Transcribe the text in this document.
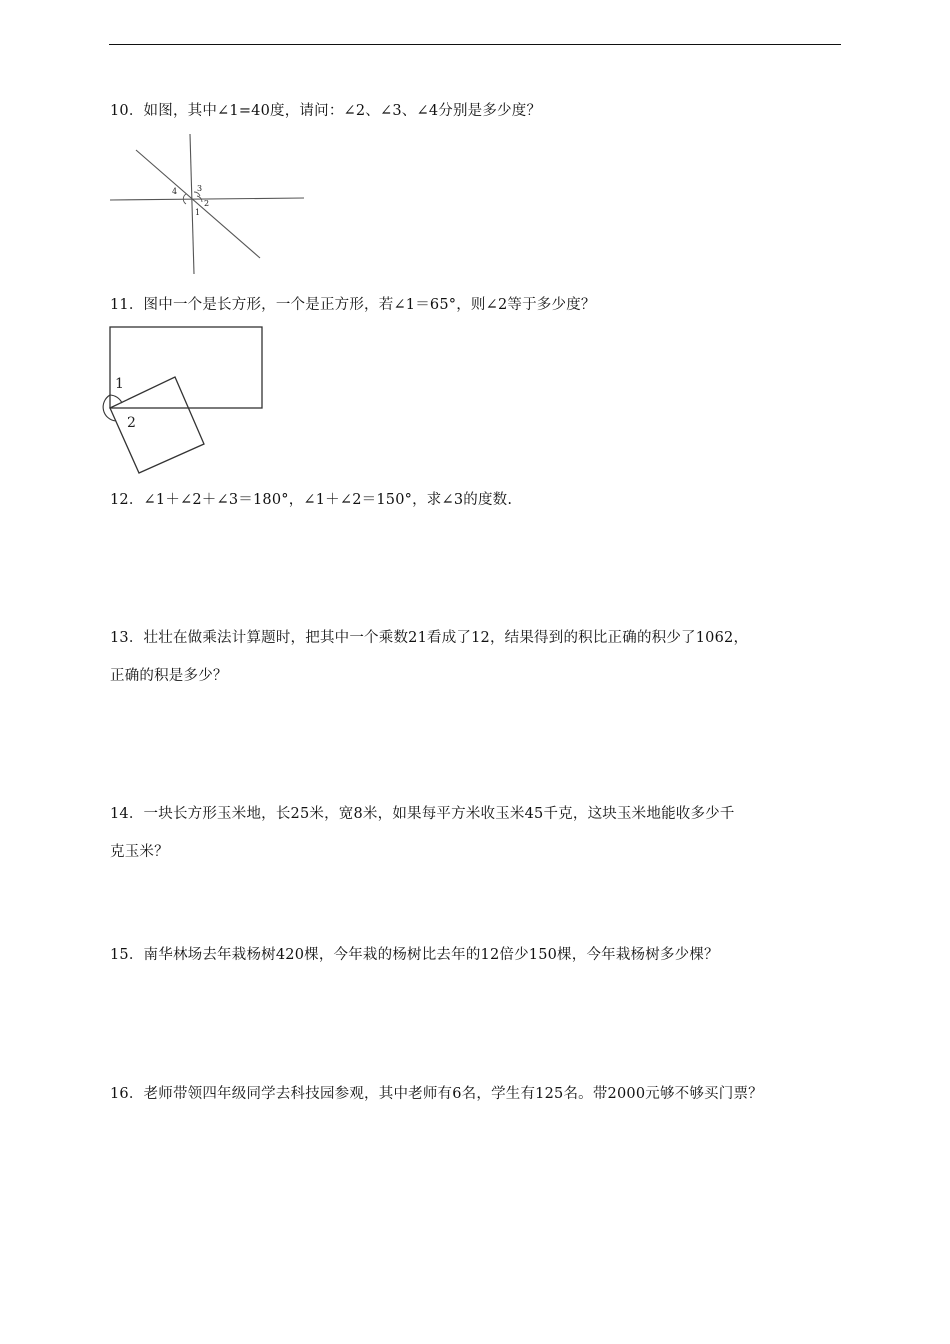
10．如图，其中∠1=40度，请问：∠2、∠3、∠4分别是多少度？
4 3
2
1
11．图中一个是长方形，一个是正方形，若∠1＝65°，则∠2等于多少度？
1
2
12．∠1＋∠2＋∠3＝180°，∠1＋∠2＝150°，求∠3的度数.
13．壮壮在做乘法计算题时，把其中一个乘数21看成了12，结果得到的积比正确的积少了1062，
正确的积是多少？
14．一块长方形玉米地，长25米，宽8米，如果每平方米收玉米45千克，这块玉米地能收多少千
克玉米？
15．南华林场去年栽杨树420棵，今年栽的杨树比去年的12倍少150棵，今年栽杨树多少棵？
16．老师带领四年级同学去科技园参观，其中老师有6名，学生有125名。带2000元够不够买门票？
